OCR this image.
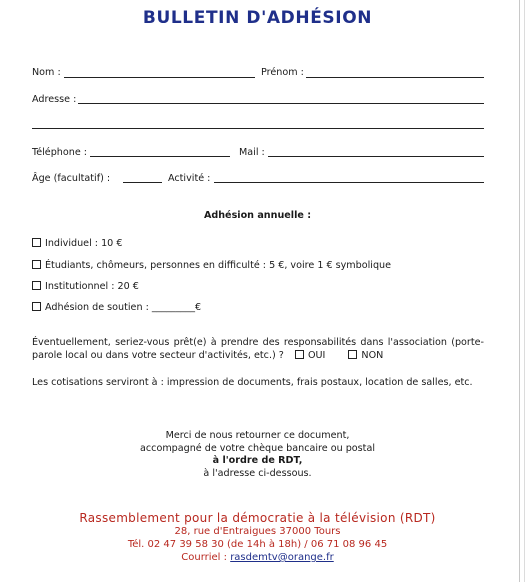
BULLETIN D'ADHÉSION
Nom :	Prénom :
Adresse :
Téléphone :	Mail :
Âge (facultatif) :	Activité :
Adhésion annuelle :
Individuel : 10 €
Étudiants, chômeurs, personnes en difficulté : 5 €, voire 1 € symbolique
Institutionnel : 20 €
Adhésion de soutien : _________€
Éventuellement, seriez-vous prêt(e) à prendre des responsabilités dans l'association (porte-parole local ou dans votre secteur d'activités, etc.) ?	OUI	NON
Les cotisations serviront à : impression de documents, frais postaux, location de salles, etc.
Merci de nous retourner ce document,
accompagné de votre chèque bancaire ou postal
à l'ordre de RDT,
à l'adresse ci-dessous.
Rassemblement pour la démocratie à la télévision (RDT)
28, rue d'Entraigues 37000 Tours
Tél. 02 47 39 58 30 (de 14h à 18h) / 06 71 08 96 45
Courriel : rasdemtv@orange.fr
